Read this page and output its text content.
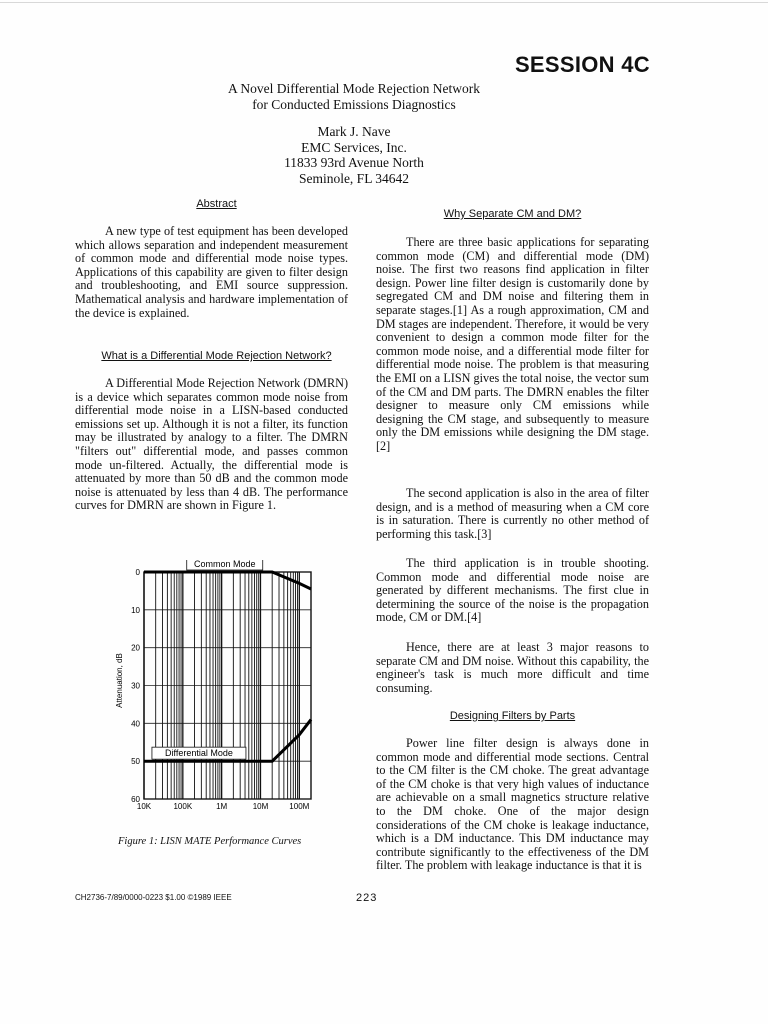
SESSION 4C
A Novel Differential Mode Rejection Network
for Conducted Emissions Diagnostics
Mark J. Nave
EMC Services, Inc.
11833 93rd Avenue North
Seminole, FL 34642
Abstract

A new type of test equipment has been developed which allows separation and independent measurement of common mode and differential mode noise types. Applications of this capability are given to filter design and troubleshooting, and EMI source suppression. Mathematical analysis and hardware implementation of the device is explained.

What is a Differential Mode Rejection Network?

A Differential Mode Rejection Network (DMRN) is a device which separates common mode noise from differential mode noise in a LISN-based conducted emissions set up. Although it is not a filter, its function may be illustrated by analogy to a filter. The DMRN "filters out" differential mode, and passes common mode un-filtered. Actually, the differential mode is attenuated by more than 50 dB and the common mode noise is attenuated by less than 4 dB. The performance curves for DMRN are shown in Figure 1.

0
10
20
30
40
50
60
10K	100K	1M	10M	100M
Attenuation, dB
Common Mode
Differential Mode
Figure 1: LISN MATE Performance Curves
Why Separate CM and DM?

There are three basic applications for separating common mode (CM) and differential mode (DM) noise. The first two reasons find application in filter design. Power line filter design is customarily done by segregated CM and DM noise and filtering them in separate stages.[1] As a rough approximation, CM and DM stages are independent. Therefore, it would be very convenient to design a common mode filter for the common mode noise, and a differential mode filter for differential mode noise. The problem is that measuring the EMI on a LISN gives the total noise, the vector sum of the CM and DM parts. The DMRN enables the filter designer to measure only CM emissions while designing the CM stage, and subsequently to measure only the DM emissions while designing the DM stage.[2]

The second application is also in the area of filter design, and is a method of measuring when a CM core is in saturation. There is currently no other method of performing this task.[3]

The third application is in trouble shooting. Common mode and differential mode noise are generated by different mechanisms. The first clue in determining the source of the noise is the propagation mode, CM or DM.[4]

Hence, there are at least 3 major reasons to separate CM and DM noise. Without this capability, the engineer's task is much more difficult and time consuming.

Designing Filters by Parts

Power line filter design is always done in common mode and differential mode sections. Central to the CM filter is the CM choke. The great advantage of the CM choke is that very high values of inductance are achievable on a small magnetics structure relative to the DM choke. One of the major design considerations of the CM choke is leakage inductance, which is a DM inductance. This DM inductance may contribute significantly to the effectiveness of the DM filter. The problem with leakage inductance is that it is

CH2736-7/89/0000-0223 $1.00 ©1989 IEEE	223
